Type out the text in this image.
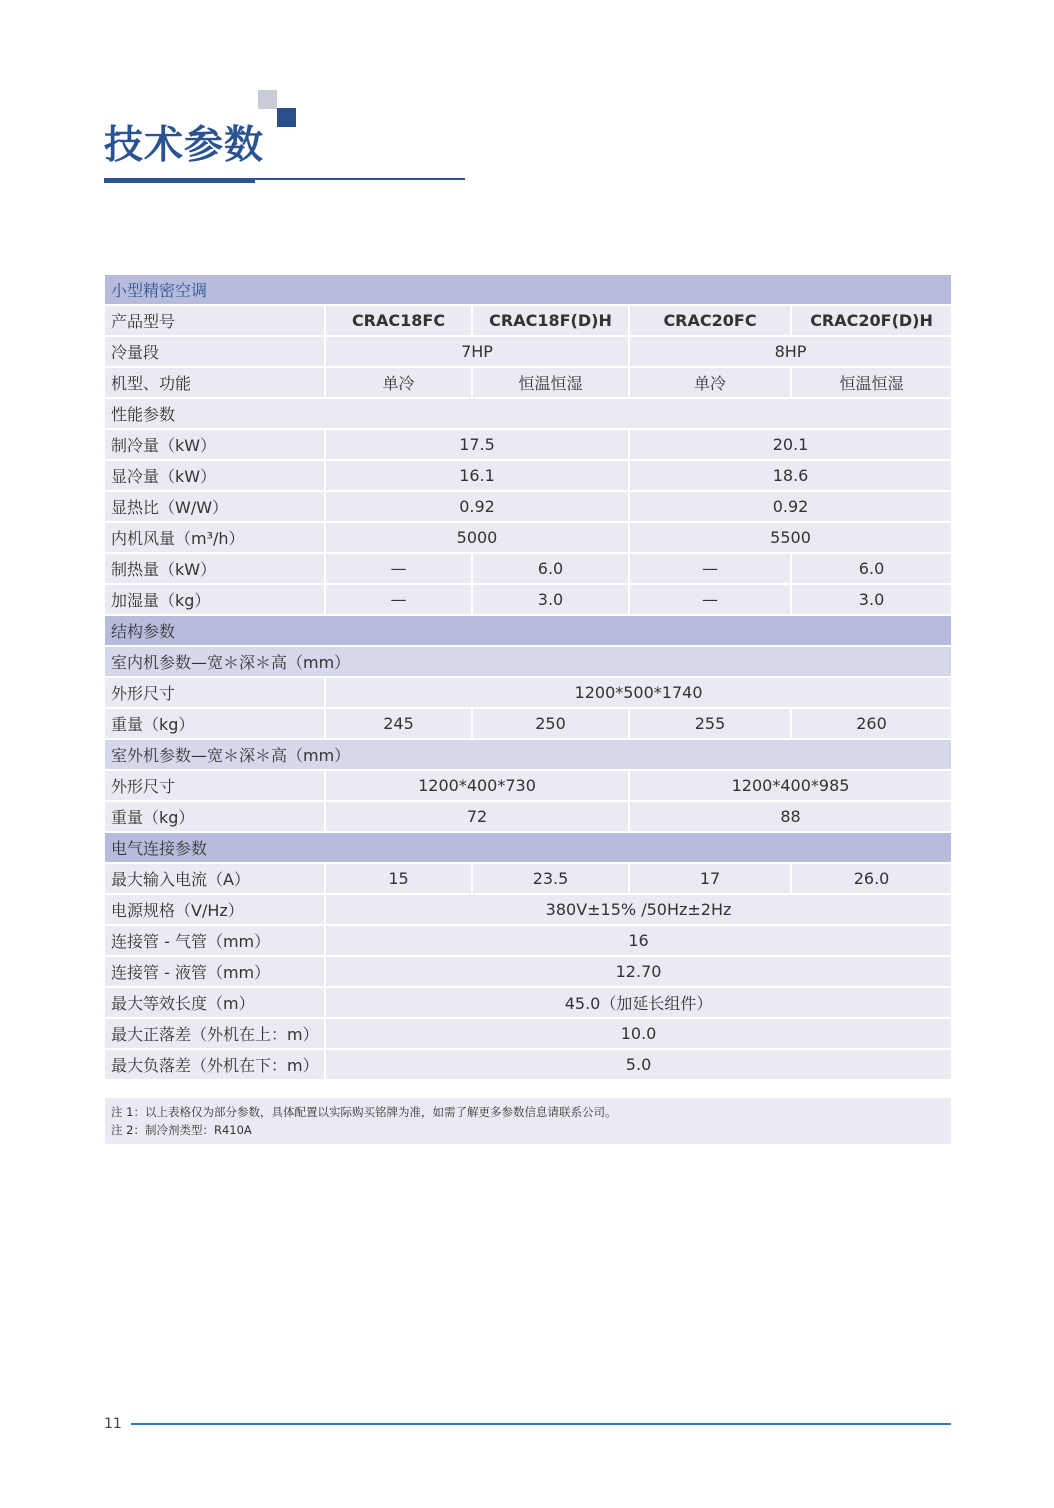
技术参数
小型精密空调				
产品型号	CRAC18FC	CRAC18F(D)H	CRAC20FC	CRAC20F(D)H
冷量段	7HP		8HP	
机型、功能	单冷	恒温恒湿	单冷	恒温恒湿
性能参数				
制冷量（kW）	17.5		20.1	
显冷量（kW）	16.1		18.6	
显热比（W/W）	0.92		0.92	
内机风量（m³/h）	5000		5500	
制热量（kW）	—	6.0	—	6.0
加湿量（kg）	—	3.0	—	3.0
结构参数				
室内机参数—宽＊深＊高（mm）				
外形尺寸	1200*500*1740			
重量（kg）	245	250	255	260
室外机参数—宽＊深＊高（mm）				
外形尺寸	1200*400*730		1200*400*985	
重量（kg）	72		88	
电气连接参数				
最大输入电流（A）	15	23.5	17	26.0
电源规格（V/Hz）	380V±15% /50Hz±2Hz			
连接管 - 气管（mm）	16			
连接管 - 液管（mm）	12.70			
最大等效长度（m）	45.0（加延长组件）			
最大正落差（外机在上：m）	10.0			
最大负落差（外机在下：m）	5.0			
注 1：以上表格仅为部分参数，具体配置以实际购买铭牌为准，如需了解更多参数信息请联系公司。
注 2：制冷剂类型：R410A
11
